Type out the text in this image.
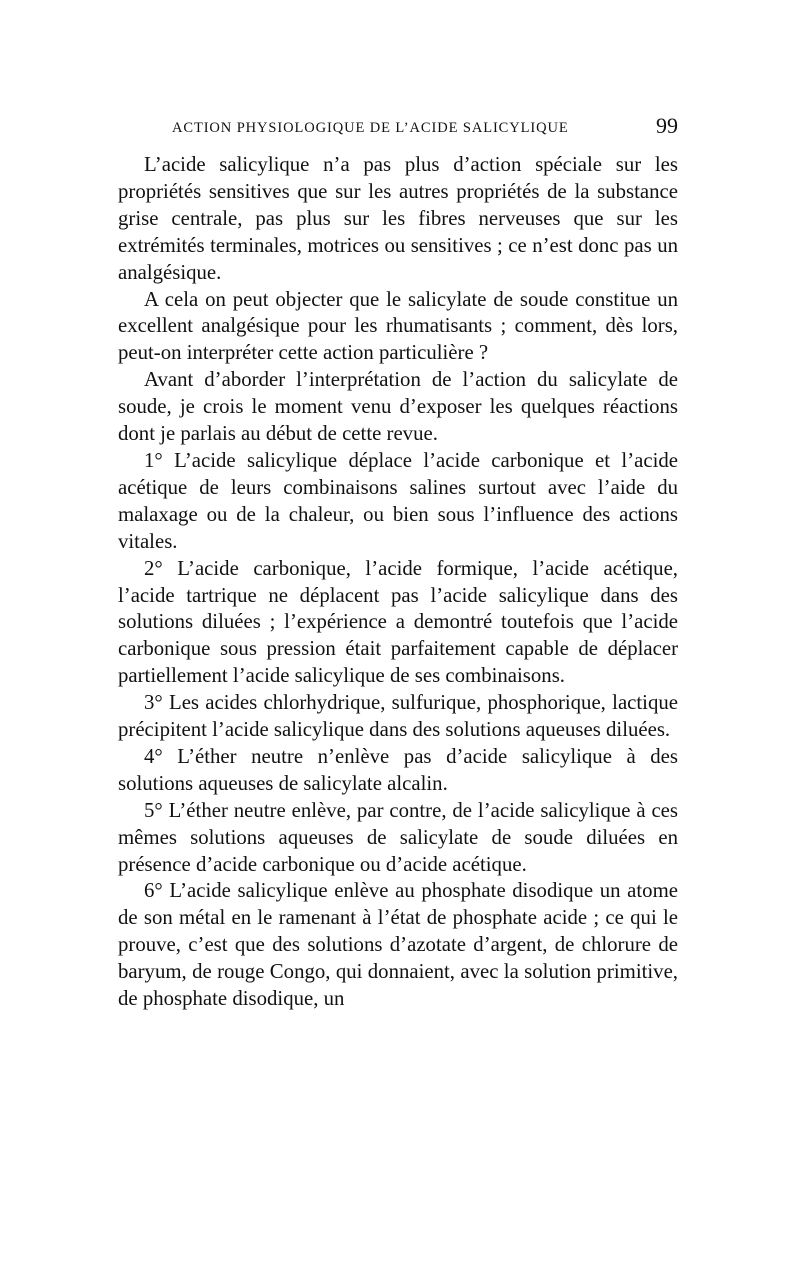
ACTION PHYSIOLOGIQUE DE L’ACIDE SALICYLIQUE	99

L’acide salicylique n’a pas plus d’action spéciale sur les propriétés sensitives que sur les autres propriétés de la substance grise centrale, pas plus sur les fibres nerveuses que sur les extrémités terminales, motrices ou sensitives ; ce n’est donc pas un analgésique.

A cela on peut objecter que le salicylate de soude constitue un excellent analgésique pour les rhumatisants ; comment, dès lors, peut-on interpréter cette action particulière ?

Avant d’aborder l’interprétation de l’action du salicylate de soude, je crois le moment venu d’exposer les quelques réactions dont je parlais au début de cette revue.

1° L’acide salicylique déplace l’acide carbonique et l’acide acétique de leurs combinaisons salines surtout avec l’aide du malaxage ou de la chaleur, ou bien sous l’influence des actions vitales.

2° L’acide carbonique, l’acide formique, l’acide acétique, l’acide tartrique ne déplacent pas l’acide salicylique dans des solutions diluées ; l’expérience a demontré toutefois que l’acide carbonique sous pression était parfaitement capable de déplacer partiellement l’acide salicylique de ses combinaisons.

3° Les acides chlorhydrique, sulfurique, phosphorique, lactique précipitent l’acide salicylique dans des solutions aqueuses diluées.

4° L’éther neutre n’enlève pas d’acide salicylique à des solutions aqueuses de salicylate alcalin.

5° L’éther neutre enlève, par contre, de l’acide salicylique à ces mêmes solutions aqueuses de salicylate de soude diluées en présence d’acide carbonique ou d’acide acétique.

6° L’acide salicylique enlève au phosphate disodique un atome de son métal en le ramenant à l’état de phosphate acide ; ce qui le prouve, c’est que des solutions d’azotate d’argent, de chlorure de baryum, de rouge Congo, qui donnaient, avec la solution primitive, de phosphate disodique, un
